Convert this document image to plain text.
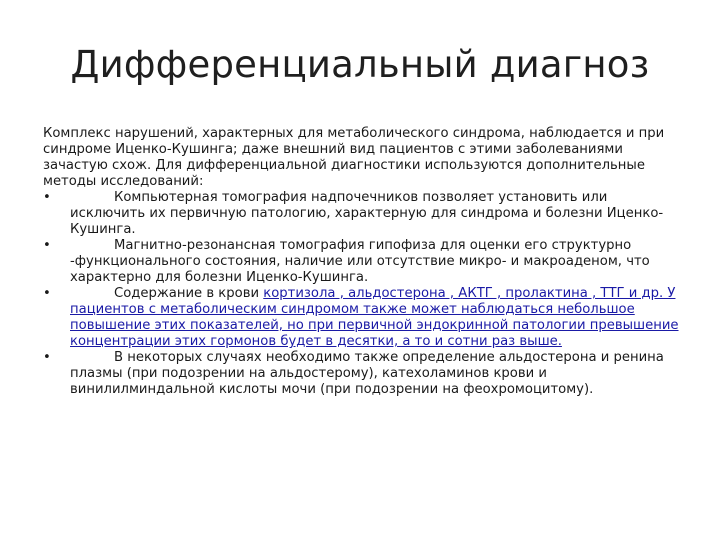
Дифференциальный диагноз

Комплекс нарушений, характерных для метаболического синдрома, наблюдается и при синдроме Иценко-Кушинга; даже внешний вид пациентов с этими заболеваниями зачастую схож. Для дифференциальной диагностики используются дополнительные методы исследований:

•	Компьютерная томография надпочечников позволяет установить или исключить их первичную патологию, характерную для синдрома и болезни Иценко-Кушинга.
•	Магнитно-резонансная томография гипофиза для оценки его структурно -функционального состояния, наличие или отсутствие микро- и макроаденом, что характерно для болезни Иценко-Кушинга.
•	Содержание в крови кортизола , альдостерона , АКТГ , пролактина , ТТГ и др. У пациентов с метаболическим синдромом также может наблюдаться небольшое повышение этих показателей, но при первичной эндокринной патологии превышение концентрации этих гормонов будет в десятки, а то и сотни раз выше.
•	В некоторых случаях необходимо также определение альдостерона и ренина плазмы (при подозрении на альдостерому), катехоламинов крови и винилилминдальной кислоты мочи (при подозрении на феохромоцитому).
